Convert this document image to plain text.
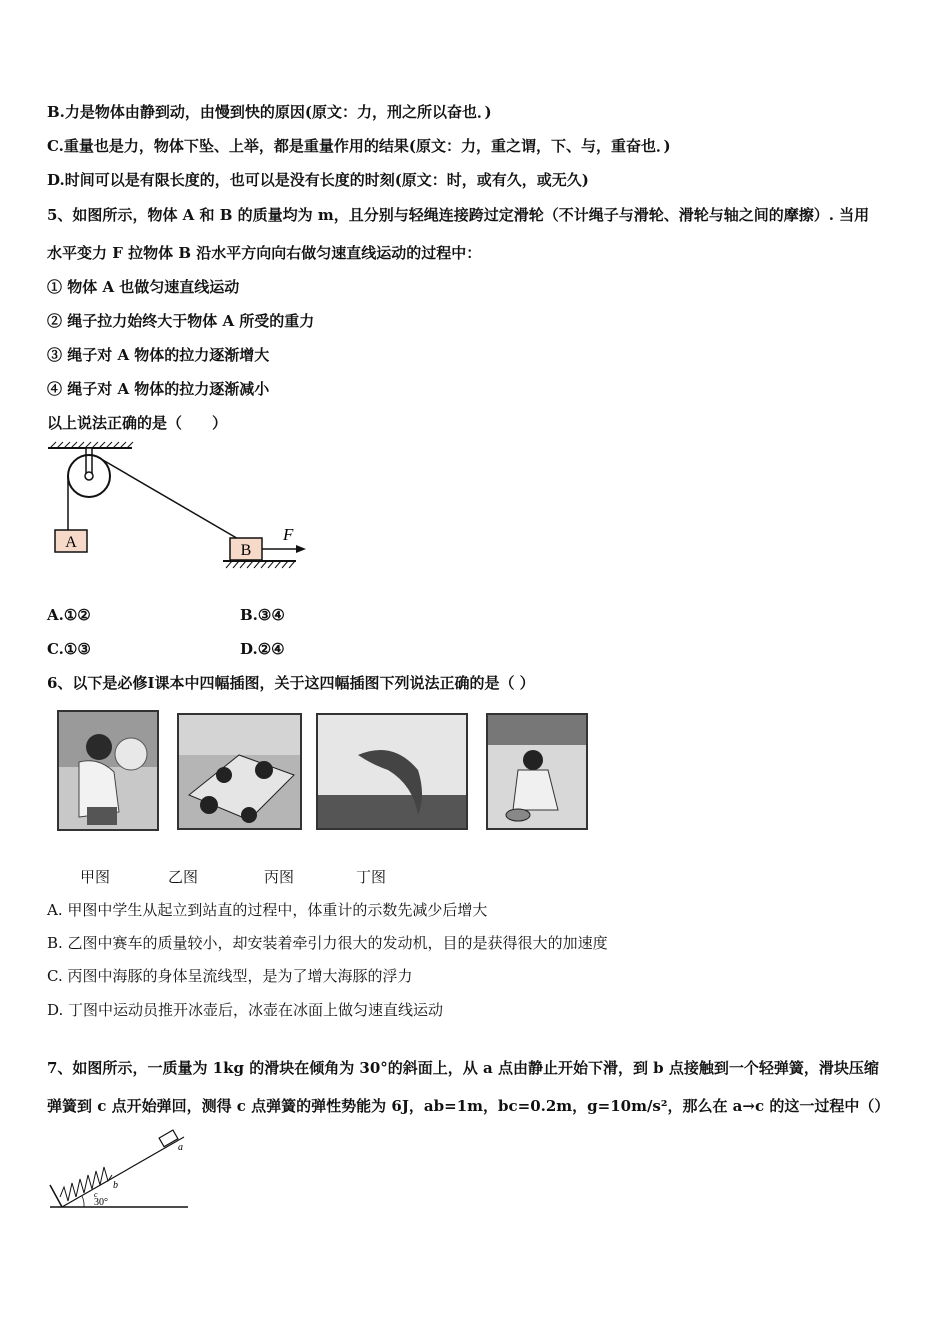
B.力是物体由静到动，由慢到快的原因(原文：力，刑之所以奋也．)
C.重量也是力，物体下坠、上举，都是重量作用的结果(原文：力，重之谓，下、与，重奋也．)
D.时间可以是有限长度的，也可以是没有长度的时刻(原文：时，或有久，或无久)
5、如图所示，物体 A 和 B 的质量均为 m，且分别与轻绳连接跨过定滑轮（不计绳子与滑轮、滑轮与轴之间的摩擦）. 当用
水平变力 F 拉物体 B 沿水平方向向右做匀速直线运动的过程中：
① 物体 A 也做匀速直线运动
② 绳子拉力始终大于物体 A 所受的重力
③ 绳子对 A 物体的拉力逐渐增大
④ 绳子对 A 物体的拉力逐渐减小
以上说法正确的是（　　）
A	B
F
A.①②	B.③④
C.①③	D.②④
6、以下是必修Ⅰ课本中四幅插图，关于这四幅插图下列说法正确的是（ ）
甲图	乙图	丙图	丁图
A. 甲图中学生从起立到站直的过程中，体重计的示数先减少后增大
B. 乙图中赛车的质量较小，却安装着牵引力很大的发动机，目的是获得很大的加速度
C. 丙图中海豚的身体呈流线型，是为了增大海豚的浮力
D. 丁图中运动员推开冰壶后，冰壶在冰面上做匀速直线运动
7、如图所示，一质量为 1kg 的滑块在倾角为 30°的斜面上，从 a 点由静止开始下滑，到 b 点接触到一个轻弹簧，滑块压缩
弹簧到 c 点开始弹回，测得 c 点弹簧的弹性势能为 6J，ab=1m，bc=0.2m，g=10m/s²，那么在 a→c 的这一过程中（）
a
b
c
30°
